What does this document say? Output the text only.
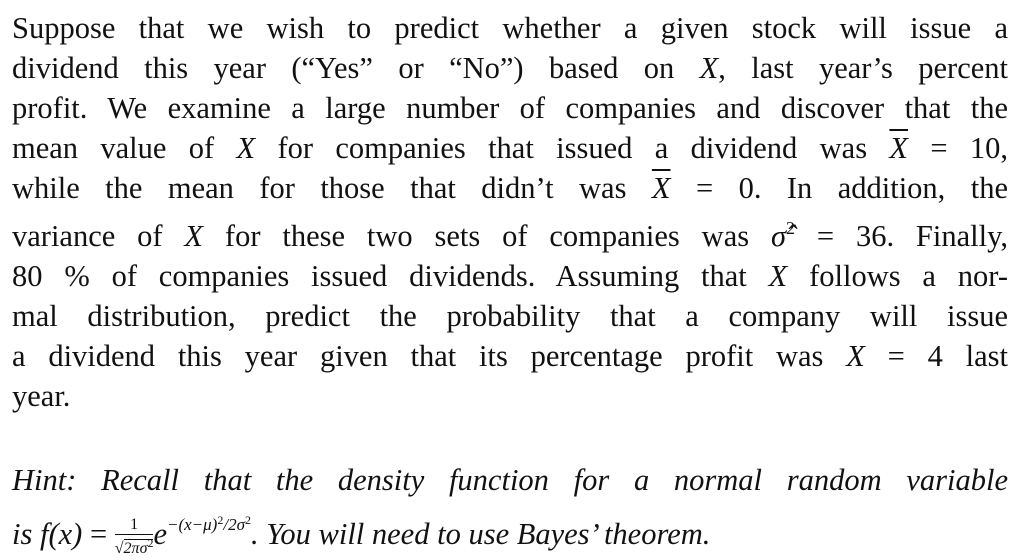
Suppose that we wish to predict whether a given stock will issue a
dividend this year (“Yes” or “No”) based on X, last year’s percent
profit. We examine a large number of companies and discover that the
mean value of X for companies that issued a dividend was $\overline{X} = 10$,
while the mean for those that didn’t was $\overline{X} = 0$. In addition, the
variance of X for these two sets of companies was σ̂$^2$ = 36. Finally,
80 % of companies issued dividends. Assuming that X follows a nor-
mal distribution, predict the probability that a company will issue
a dividend this year given that its percentage profit was X = 4 last
year.
Hint: Recall that the density function for a normal random variable
is $f(x) = \frac{1}{√2\pi\sigma^2} e^{-(x-\mu)^2/2\sigma^2}$. You will need to use Bayes’ theorem.
